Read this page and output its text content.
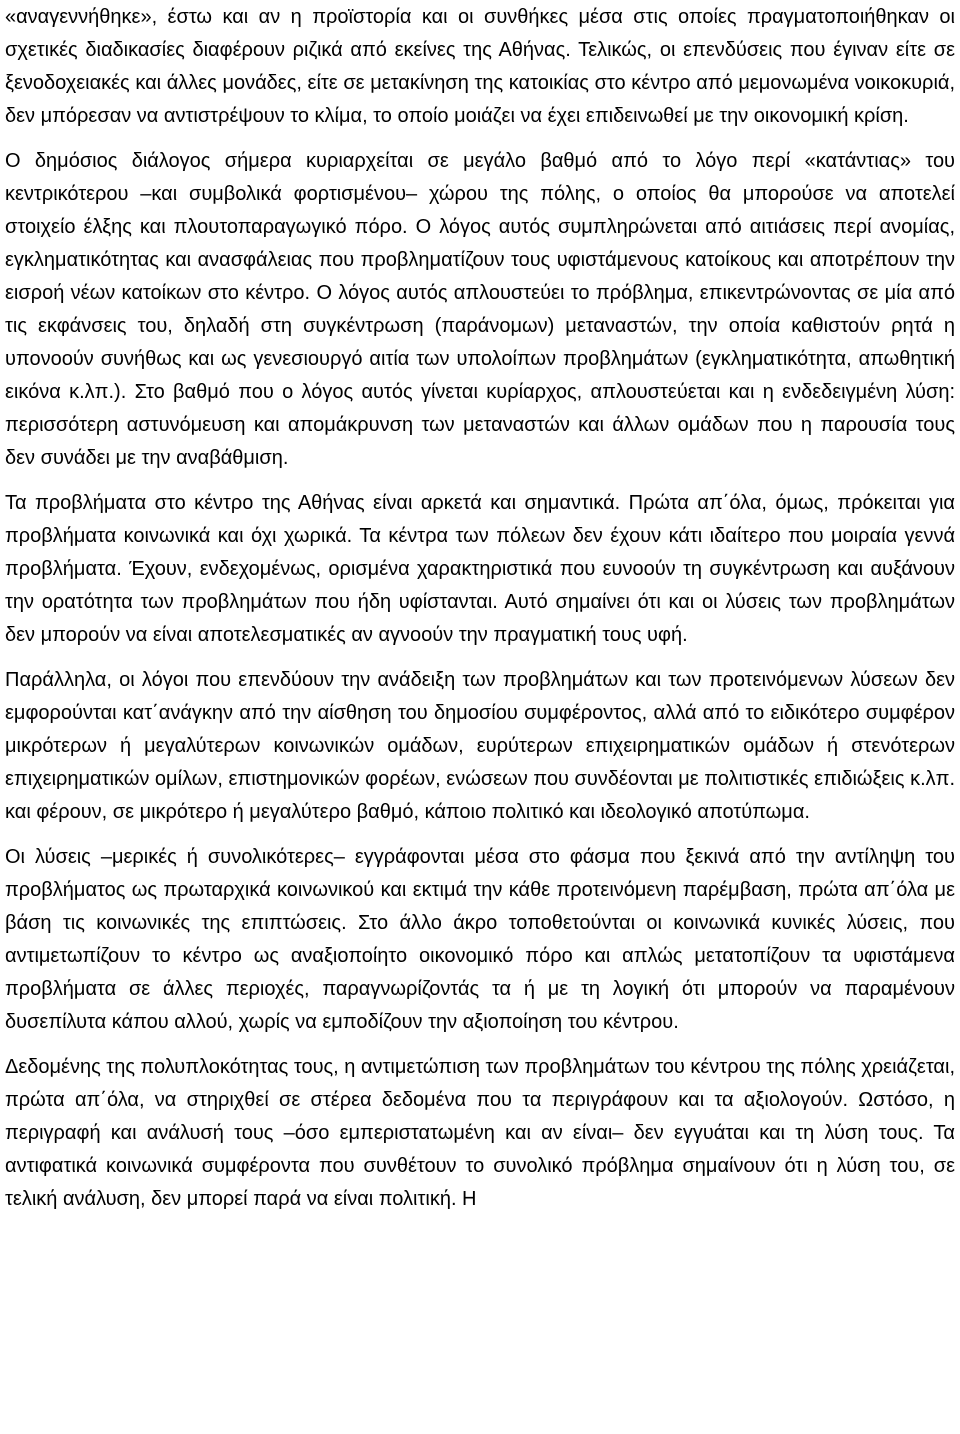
«αναγεννήθηκε», έστω και αν η προϊστορία και οι συνθήκες μέσα στις οποίες πραγματοποιήθηκαν οι σχετικές διαδικασίες διαφέρουν ριζικά από εκείνες της Αθήνας. Τελικώς, οι επενδύσεις που έγιναν είτε σε ξενοδοχειακές και άλλες μονάδες, είτε σε μετακίνηση της κατοικίας στο κέντρο από μεμονωμένα νοικοκυριά, δεν μπόρεσαν να αντιστρέψουν το κλίμα, το οποίο μοιάζει να έχει επιδεινωθεί με την οικονομική κρίση.

Ο δημόσιος διάλογος σήμερα κυριαρχείται σε μεγάλο βαθμό από το λόγο περί «κατάντιας» του κεντρικότερου –και συμβολικά φορτισμένου– χώρου της πόλης, ο οποίος θα μπορούσε να αποτελεί στοιχείο έλξης και πλουτοπαραγωγικό πόρο. Ο λόγος αυτός συμπληρώνεται από αιτιάσεις περί ανομίας, εγκληματικότητας και ανασφάλειας που προβληματίζουν τους υφιστάμενους κατοίκους και αποτρέπουν την εισροή νέων κατοίκων στο κέντρο. Ο λόγος αυτός απλουστεύει το πρόβλημα, επικεντρώνοντας σε μία από τις εκφάνσεις του, δηλαδή στη συγκέντρωση (παράνομων) μεταναστών, την οποία καθιστούν ρητά η υπονοούν συνήθως και ως γενεσιουργό αιτία των υπολοίπων προβλημάτων (εγκληματικότητα, απωθητική εικόνα κ.λπ.). Στο βαθμό που ο λόγος αυτός γίνεται κυρίαρχος, απλουστεύεται και η ενδεδειγμένη λύση: περισσότερη αστυνόμευση και απομάκρυνση των μεταναστών και άλλων ομάδων που η παρουσία τους δεν συνάδει με την αναβάθμιση.

Τα προβλήματα στο κέντρο της Αθήνας είναι αρκετά και σημαντικά. Πρώτα απ΄όλα, όμως, πρόκειται για προβλήματα κοινωνικά και όχι χωρικά. Τα κέντρα των πόλεων δεν έχουν κάτι ιδαίτερο που μοιραία γεννά προβλήματα. Έχουν, ενδεχομένως, ορισμένα χαρακτηριστικά που ευνοούν τη συγκέντρωση και αυξάνουν την ορατότητα των προβλημάτων που ήδη υφίστανται. Αυτό σημαίνει ότι και οι λύσεις των προβλημάτων δεν μπορούν να είναι αποτελεσματικές αν αγνοούν την πραγματική τους υφή.

Παράλληλα, οι λόγοι που επενδύουν την ανάδειξη των προβλημάτων και των προτεινόμενων λύσεων δεν εμφορούνται κατ΄ανάγκην από την αίσθηση του δημοσίου συμφέροντος, αλλά από το ειδικότερο συμφέρον μικρότερων ή μεγαλύτερων κοινωνικών ομάδων, ευρύτερων επιχειρηματικών ομάδων ή στενότερων επιχειρηματικών ομίλων, επιστημονικών φορέων, ενώσεων που συνδέονται με πολιτιστικές επιδιώξεις κ.λπ. και φέρουν, σε μικρότερο ή μεγαλύτερο βαθμό, κάποιο πολιτικό και ιδεολογικό αποτύπωμα.

Οι λύσεις –μερικές ή συνολικότερες– εγγράφονται μέσα στο φάσμα που ξεκινά από την αντίληψη του προβλήματος ως πρωταρχικά κοινωνικού και εκτιμά την κάθε προτεινόμενη παρέμβαση, πρώτα απ΄όλα με βάση τις κοινωνικές της επιπτώσεις. Στο άλλο άκρο τοποθετούνται οι κοινωνικά κυνικές λύσεις, που αντιμετωπίζουν το κέντρο ως αναξιοποίητο οικονομικό πόρο και απλώς μετατοπίζουν τα υφιστάμενα προβλήματα σε άλλες περιοχές, παραγνωρίζοντάς τα ή με τη λογική ότι μπορούν να παραμένουν δυσεπίλυτα κάπου αλλού, χωρίς να εμποδίζουν την αξιοποίηση του κέντρου.

Δεδομένης της πολυπλοκότητας τους, η αντιμετώπιση των προβλημάτων του κέντρου της πόλης χρειάζεται, πρώτα απ΄όλα, να στηριχθεί σε στέρεα δεδομένα που τα περιγράφουν και τα αξιολογούν. Ωστόσο, η περιγραφή και ανάλυσή τους –όσο εμπεριστατωμένη και αν είναι– δεν εγγυάται και τη λύση τους. Τα αντιφατικά κοινωνικά συμφέροντα που συνθέτουν το συνολικό πρόβλημα σημαίνουν ότι η λύση του, σε τελική ανάλυση, δεν μπορεί παρά να είναι πολιτική. Η
